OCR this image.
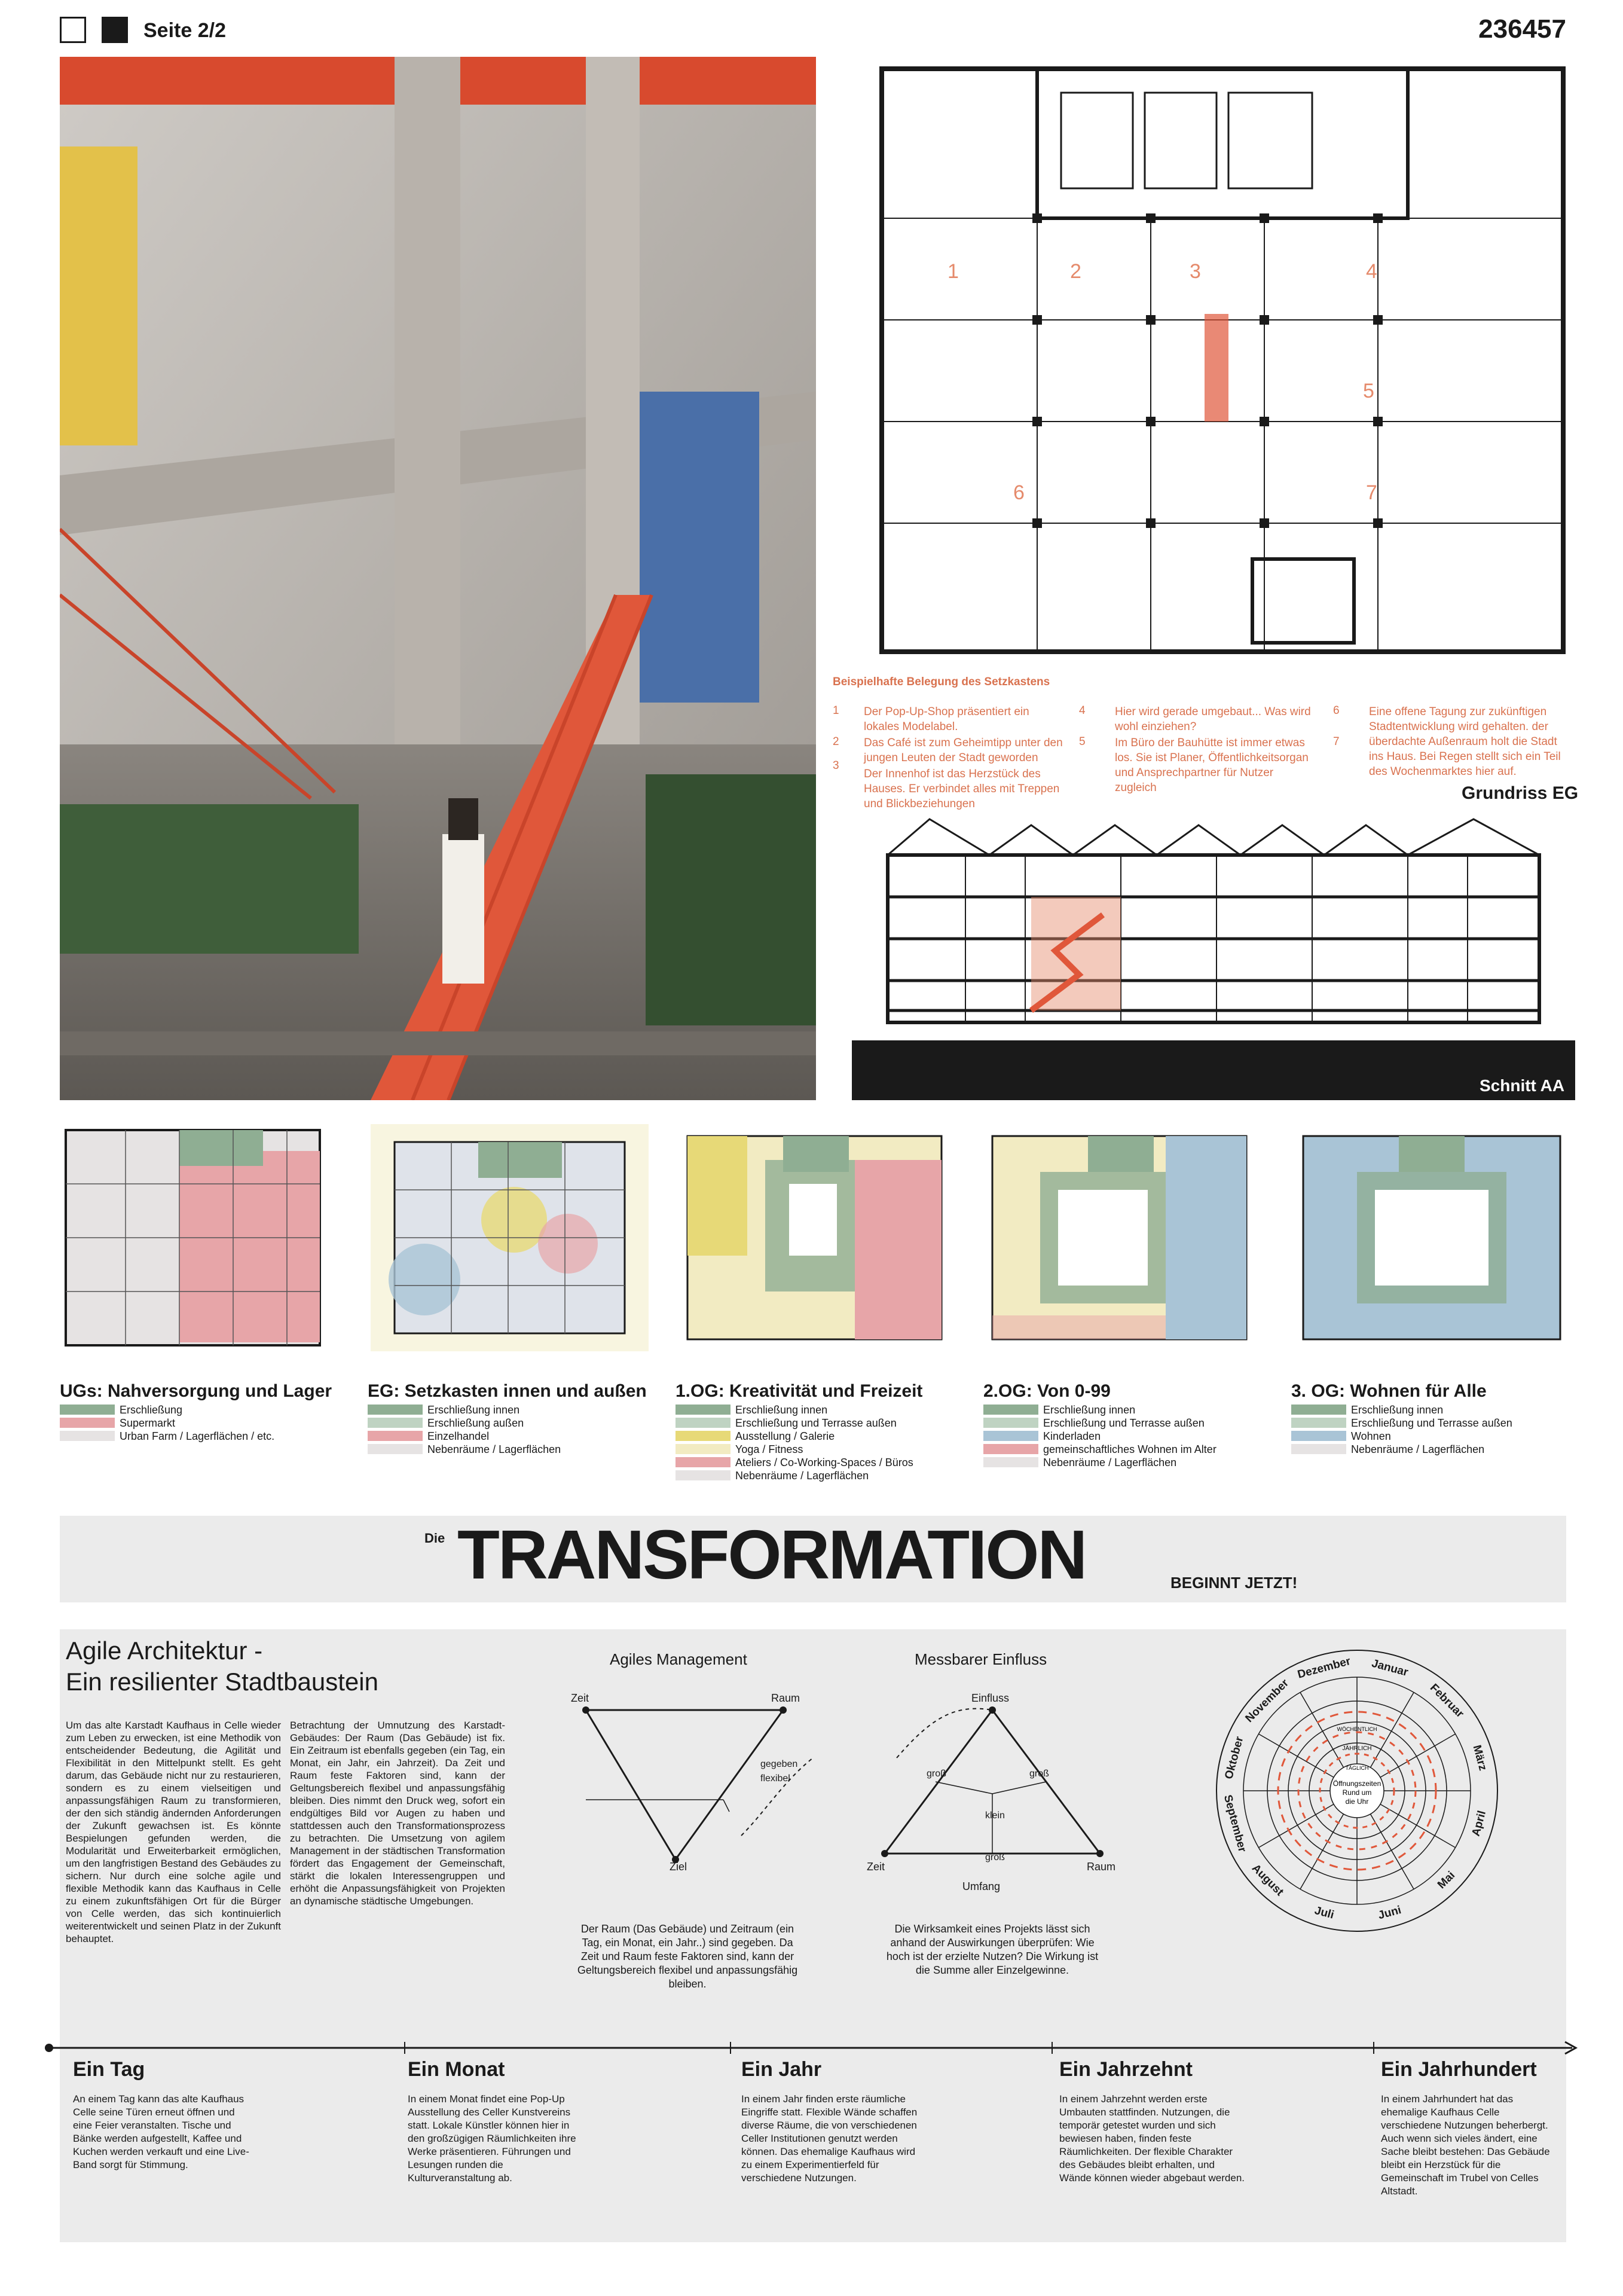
Seite 2/2	236457
1	2	3	4
5
6	7
Beispielhafte Belegung des Setzkastens
1 Der Pop-Up-Shop präsentiert ein lokales Modelabel.
2 Das Café ist zum Geheimtipp unter den jungen Leuten der Stadt geworden
3
Der Innenhof ist das Herzstück des Hauses. Er verbindet alles mit Treppen und Blickbeziehungen
4	Hier wird gerade umgebaut... Was wird wohl einziehen?
5	Im Büro der Bauhütte ist immer etwas los. Sie ist Planer, Öffentlichkeitsorgan und Ansprechpartner für Nutzer zugleich
6
7
Eine offene Tagung zur zukünftigen Stadtentwicklung wird gehalten. der überdachte Außenraum holt die Stadt ins Haus. Bei Regen stellt sich ein Teil des Wochenmarktes hier auf.
Grundriss EG
Schnitt AA
UGs: Nahversorgung und Lager
Erschließung
Supermarkt
Urban Farm / Lagerflächen / etc.
EG: Setzkasten innen und außen
Erschließung innen
Erschließung außen
Einzelhandel
Nebenräume / Lagerflächen
1.OG: Kreativität und Freizeit
Erschließung innen
Erschließung und Terrasse außen
Ausstellung / Galerie
Yoga / Fitness
Ateliers / Co-Working-Spaces / Büros
Nebenräume / Lagerflächen
2.OG: Von 0-99
Erschließung innen
Erschließung und Terrasse außen
Kinderladen
gemeinschaftliches Wohnen im Alter
Nebenräume / Lagerflächen
3. OG: Wohnen für Alle
Erschließung innen
Erschließung und Terrasse außen
Wohnen
Nebenräume / Lagerflächen
Die TRANSFORMATION	BEGINNT JETZT!
Agile Architektur -
Ein resilienter Stadtbaustein
Um das alte Karstadt Kaufhaus in Celle wieder zum Leben zu erwecken, ist eine Methodik von entscheidender Bedeutung, die Agilität und Flexibilität in den Mittelpunkt stellt. Es geht darum, das Gebäude nicht nur zu restaurieren, sondern es zu einem vielseitigen und anpassungsfähigen Raum zu transformieren, der den sich ständig ändernden Anforderungen der Zukunft gewachsen ist. Es könnte Bespielungen gefunden werden, die Modularität und Erweiterbarkeit ermöglichen, um den langfristigen Bestand des Gebäudes zu sichern. Nur durch eine solche agile und flexible Methodik kann das Kaufhaus in Celle zu einem zukunftsfähigen Ort für die Bürger von Celle werden, das sich kontinuierlich weiterentwickelt und seinen Platz in der Zukunft behauptet.
Betrachtung der Umnutzung des Karstadt-Gebäudes: Der Raum (Das Gebäude) ist fix. Ein Zeitraum ist ebenfalls gegeben (ein Tag, ein Monat, ein Jahr, ein Jahrzeit). Da Zeit und Raum feste Faktoren sind, kann der Geltungsbereich flexibel und anpassungsfähig bleiben. Dies nimmt den Druck weg, sofort ein endgültiges Bild vor Augen zu haben und stattdessen auch den Transformationsprozess zu betrachten. Die Umsetzung von agilem Management in der städtischen Transformation fördert das Engagement der Gemeinschaft, stärkt die lokalen Interessengruppen und erhöht die Anpassungsfähigkeit von Projekten an dynamische städtische Umgebungen.
Agiles Management
Zeit	Raum
Ziel
gegeben
flexibel
Der Raum (Das Gebäude) und Zeitraum (ein Tag, ein Monat, ein Jahr..) sind gegeben. Da Zeit und Raum feste Faktoren sind, kann der Geltungsbereich flexibel und anpassungsfähig bleiben.
Messbarer Einfluss
Einfluss
Zeit	Raum
Umfang
groß	groß
klein
groß
Die Wirksamkeit eines Projekts lässt sich anhand der Auswirkungen überprüfen: Wie hoch ist der erzielte Nutzen? Die Wirkung ist die Summe aller Einzelgewinne.
Januar
Februar
März
April
Mai
Juni
Juli
August
September
Oktober
November
Dezember
JÄHRLICH
WÖCHENTLICH
TÄGLICH
Öffnungszeiten
Rund um
die Uhr
Ein Tag
An einem Tag kann das alte Kaufhaus Celle seine Türen erneut öffnen und eine Feier veranstalten. Tische und Bänke werden aufgestellt, Kaffee und Kuchen werden verkauft und eine Live-Band sorgt für Stimmung.
Ein Monat
In einem Monat findet eine Pop-Up Ausstellung des Celler Kunstvereins statt. Lokale Künstler können hier in den großzügigen Räumlichkeiten ihre Werke präsentieren. Führungen und Lesungen runden die Kulturveranstaltung ab.
Ein Jahr
In einem Jahr finden erste räumliche Eingriffe statt. Flexible Wände schaffen diverse Räume, die von verschiedenen Celler Institutionen genutzt werden können. Das ehemalige Kaufhaus wird zu einem Experimentierfeld für verschiedene Nutzungen.
Ein Jahrzehnt
In einem Jahrzehnt werden erste Umbauten stattfinden. Nutzungen, die temporär getestet wurden und sich bewiesen haben, finden feste Räumlichkeiten. Der flexible Charakter des Gebäudes bleibt erhalten, und Wände können wieder abgebaut werden.
Ein Jahrhundert
In einem Jahrhundert hat das ehemalige Kaufhaus Celle verschiedene Nutzungen beherbergt. Auch wenn sich vieles ändert, eine Sache bleibt bestehen: Das Gebäude bleibt ein Herzstück für die Gemeinschaft im Trubel von Celles Altstadt.
